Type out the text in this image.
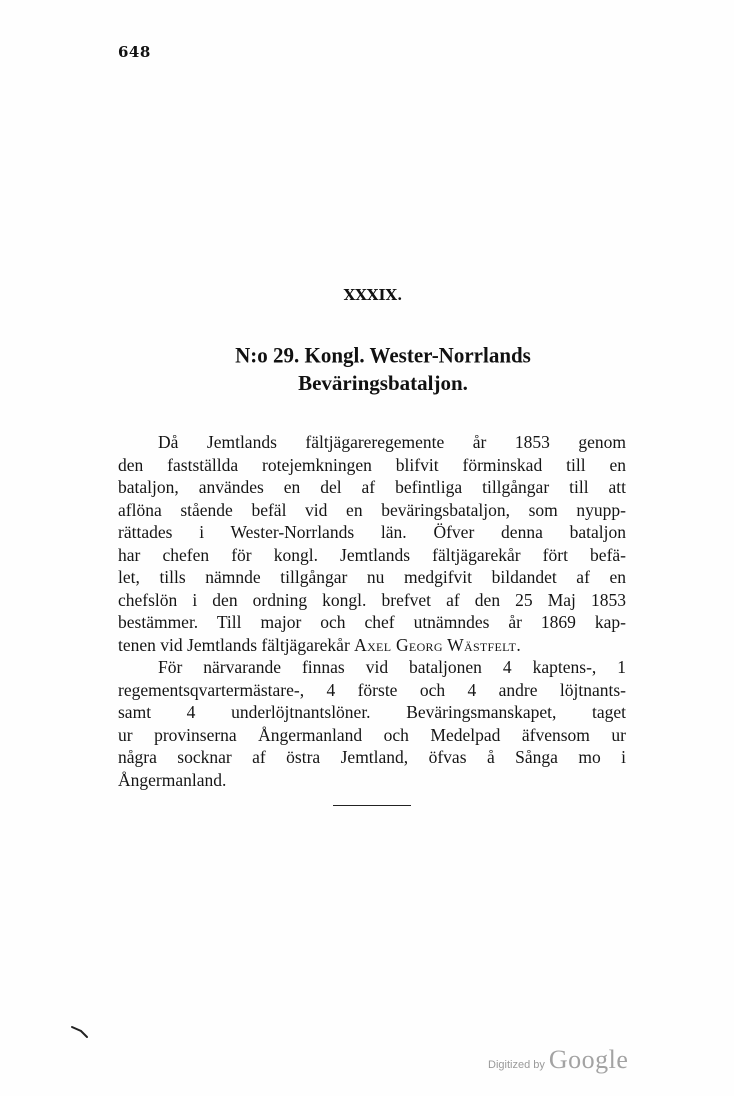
648
XXXIX.
N:o 29. Kongl. Wester-Norrlands
Beväringsbataljon.
Då Jemtlands fältjägareregemente år 1853 genom
den fastställda rotejemkningen blifvit förminskad till en
bataljon, användes en del af befintliga tillgångar till att
aflöna stående befäl vid en beväringsbataljon, som nyupp-
rättades i Wester-Norrlands län. Öfver denna bataljon
har chefen för kongl. Jemtlands fältjägarekår fört befä-
let, tills nämnde tillgångar nu medgifvit bildandet af en
chefslön i den ordning kongl. brefvet af den 25 Maj 1853
bestämmer. Till major och chef utnämndes år 1869 kap-
tenen vid Jemtlands fältjägarekår Axel Georg Wästfelt.
För närvarande finnas vid bataljonen 4 kaptens-, 1
regementsqvartermästare-, 4 förste och 4 andre löjtnants-
samt 4 underlöjtnantslöner. Beväringsmanskapet, taget
ur provinserna Ångermanland och Medelpad äfvensom ur
några socknar af östra Jemtland, öfvas å Sånga mo i
Ångermanland.
Digitized by Google
